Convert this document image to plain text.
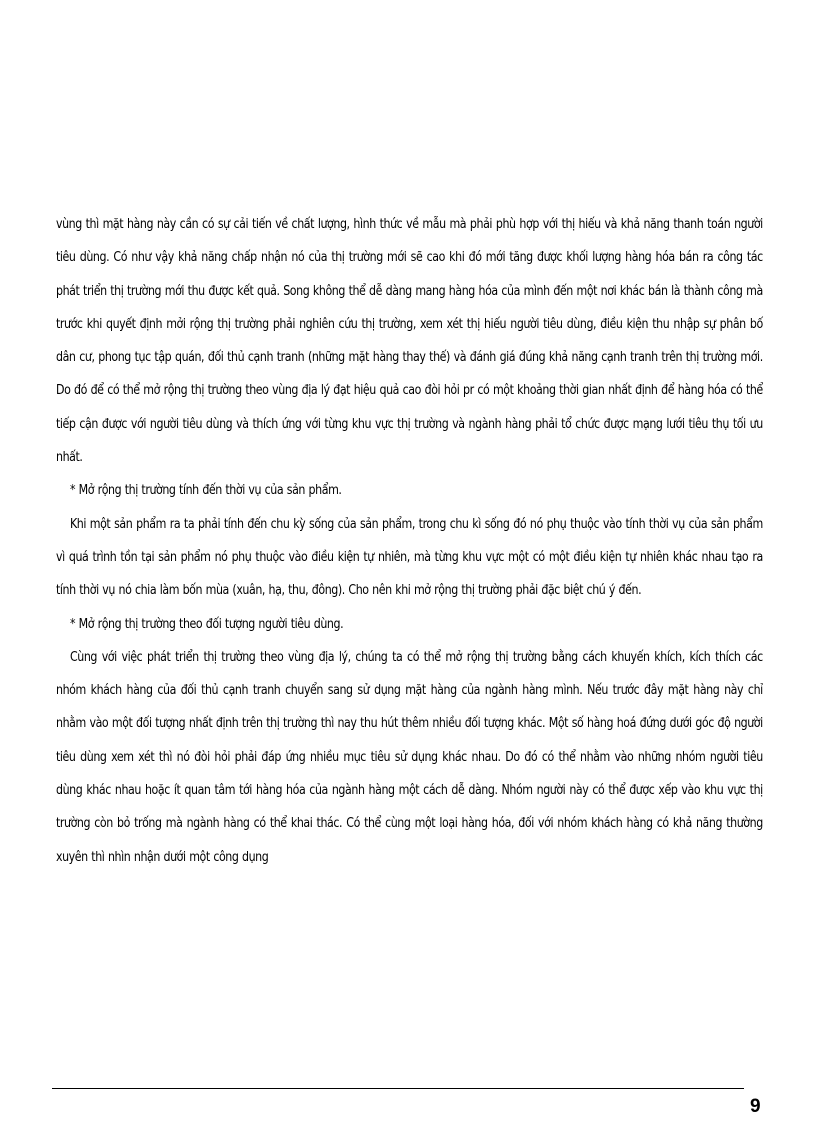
vùng thì mặt hàng này cần có sự cải tiến về chất lượng, hình thức về mẫu mà phải phù hợp với thị hiếu và khả năng thanh toán người tiêu dùng. Có như vậy khả năng chấp nhận nó của thị trường mới sẽ cao khi đó mới tăng được khối lượng hàng hóa bán ra công tác phát triển thị trường mới thu được kết quả. Song không thể dễ dàng mang hàng hóa của mình đến một nơi khác bán là thành công mà trước khi quyết định mởi rộng thị trường phải nghiên cứu thị trường, xem xét thị hiếu người tiêu dùng, điều kiện thu nhập sự phân bố dân cư, phong tục tập quán, đối thủ cạnh tranh (những mặt hàng thay thế) và đánh giá đúng khả năng cạnh tranh trên thị trường mới. Do đó để có thể mở rộng thị trường theo vùng địa lý đạt hiệu quả cao đòi hỏi pr có một khoảng thời gian nhất định để hàng hóa có thể tiếp cận được với người tiêu dùng và thích ứng với từng khu vực thị trường và ngành hàng phải tổ chức được mạng lưới tiêu thụ tối ưu nhất.

* Mở rộng thị trường tính đến thời vụ của sản phẩm.

Khi một sản phẩm ra ta phải tính đến chu kỳ sống của sản phẩm, trong chu kì sống đó nó phụ thuộc vào tính thời vụ của sản phẩm vì quá trình tồn tại sản phẩm nó phụ thuộc vào điều kiện tự nhiên, mà từng khu vực một có một điều kiện tự nhiên khác nhau tạo ra tính thời vụ nó chia làm bốn mùa (xuân, hạ, thu, đông). Cho nên khi mở rộng thị trường phải đặc biệt chú ý đến.

* Mở rộng thị trường theo đối tượng người tiêu dùng.

Cùng với việc phát triển thị trường theo vùng địa lý, chúng ta có thể mở rộng thị trường bằng cách khuyến khích, kích thích các nhóm khách hàng của đối thủ cạnh tranh chuyển sang sử dụng mặt hàng của ngành hàng mình. Nếu trước đây mặt hàng này chỉ nhằm vào một đối tượng nhất định trên thị trường thì nay thu hút thêm nhiều đối tượng khác. Một số hàng hoá đứng dưới góc độ người tiêu dùng xem xét thì nó đòi hỏi phải đáp ứng nhiều mục tiêu sử dụng khác nhau. Do đó có thể nhằm vào những nhóm người tiêu dùng khác nhau hoặc ít quan tâm tới hàng hóa của ngành hàng một cách dễ dàng. Nhóm người này có thể được xếp vào khu vực thị trường còn bỏ trống mà ngành hàng có thể khai thác. Có thể cùng một loại hàng hóa, đối với nhóm khách hàng có khả năng thường xuyên thì nhìn nhận dưới một công dụng

9
